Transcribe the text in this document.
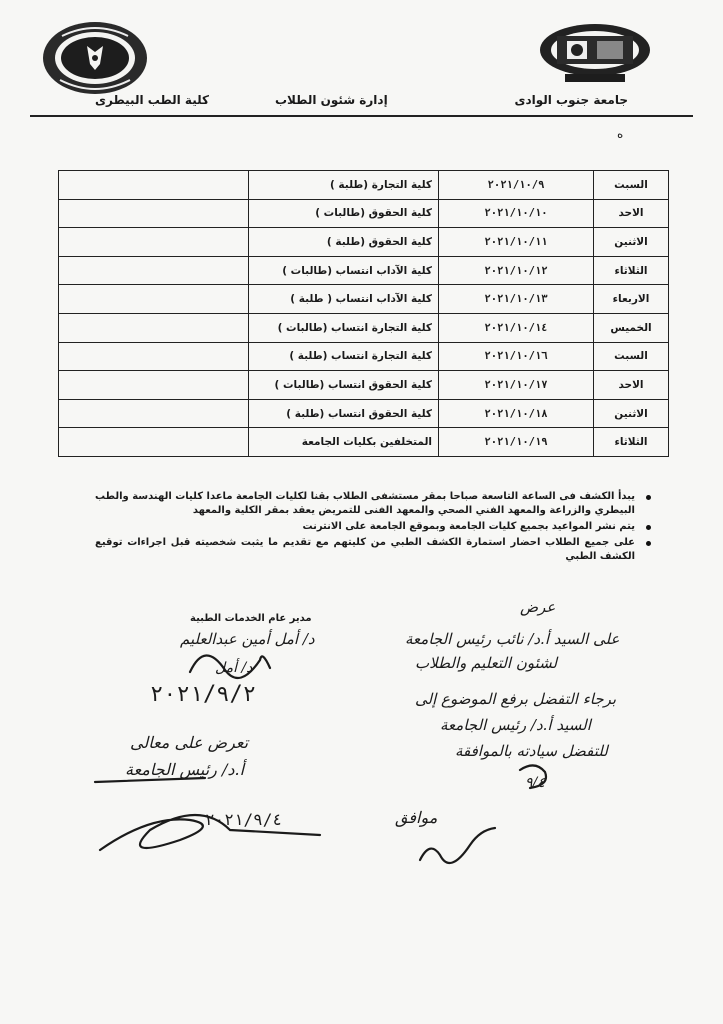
جامعة جنوب الوادى
إدارة شئون الطلاب
كلية الطب البيطرى
ه
السبت	٢٠٢١/١٠/٩	كلية التجارة (طلبة )	
الاحد	٢٠٢١/١٠/١٠	كلية الحقوق (طالبات )	
الاثنين	٢٠٢١/١٠/١١	كلية الحقوق (طلبة )	
الثلاثاء	٢٠٢١/١٠/١٢	كلية الآداب انتساب (طالبات )	
الاربعاء	٢٠٢١/١٠/١٣	كلية الآداب انتساب ( طلبة )	
الخميس	٢٠٢١/١٠/١٤	كلية التجارة انتساب (طالبات )	
السبت	٢٠٢١/١٠/١٦	كلية التجارة انتساب (طلبة )	
الاحد	٢٠٢١/١٠/١٧	كلية الحقوق انتساب (طالبات )	
الاثنين	٢٠٢١/١٠/١٨	كلية الحقوق انتساب (طلبة )	
الثلاثاء	٢٠٢١/١٠/١٩	المتخلفين بكليات الجامعة	
يبدأ الكشف فى الساعة التاسعة صباحا بمقر مستشفى الطلاب بقنا لكليات الجامعة ماعدا كليات الهندسة والطب البيطري والزراعة والمعهد الفني الصحي والمعهد الفنى للتمريض يعقد بمقر الكلية والمعهد
يتم نشر المواعيد بجميع كليات الجامعة وبموقع الجامعة على الانترنت
على جميع الطلاب احضار استمارة الكشف الطبي من كليتهم مع تقديم ما يثبت شخصيته قبل اجراءات توقيع الكشف الطبي
مدير عام الخدمات الطبية
د/ أمل أمين عبدالعليم
د/ أمل
٢٠٢١/٩/٢
عرض
على السيد أ.د/ نائب رئيس الجامعة
لشئون التعليم والطلاب
برجاء التفضل برفع الموضوع إلى
السيد أ.د/ رئيس الجامعة
للتفضل سيادته بالموافقة
٩/٤
تعرض على معالى
أ.د/ رئيس الجامعة
٢٠٢١/٩/٤	موافق
